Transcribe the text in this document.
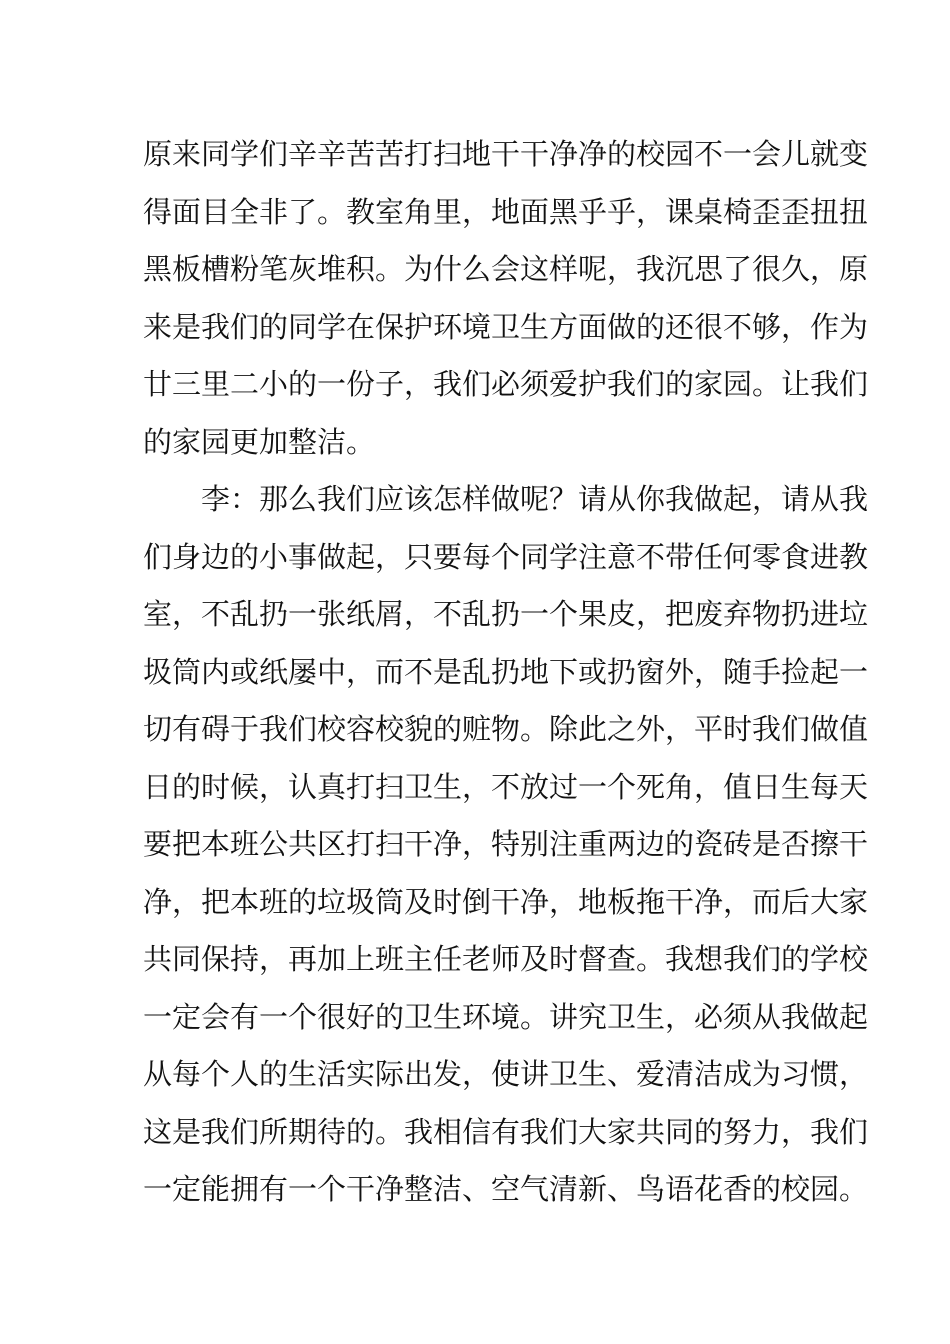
原来同学们辛辛苦苦打扫地干干净净的校园不一会儿就变
得面目全非了。教室角里，地面黑乎乎，课桌椅歪歪扭扭
黑板槽粉笔灰堆积。为什么会这样呢，我沉思了很久，原
来是我们的同学在保护环境卫生方面做的还很不够，作为
廿三里二小的一份子，我们必须爱护我们的家园。让我们
的家园更加整洁。
李：那么我们应该怎样做呢？请从你我做起，请从我
们身边的小事做起，只要每个同学注意不带任何零食进教
室，不乱扔一张纸屑，不乱扔一个果皮，把废弃物扔进垃
圾筒内或纸屡中，而不是乱扔地下或扔窗外，随手捡起一
切有碍于我们校容校貌的赃物。除此之外，平时我们做值
日的时候，认真打扫卫生，不放过一个死角，值日生每天
要把本班公共区打扫干净，特别注重两边的瓷砖是否擦干
净，把本班的垃圾筒及时倒干净，地板拖干净，而后大家
共同保持，再加上班主任老师及时督查。我想我们的学校
一定会有一个很好的卫生环境。讲究卫生，必须从我做起
从每个人的生活实际出发，使讲卫生、爱清洁成为习惯，
这是我们所期待的。我相信有我们大家共同的努力，我们
一定能拥有一个干净整洁、空气清新、鸟语花香的校园。
